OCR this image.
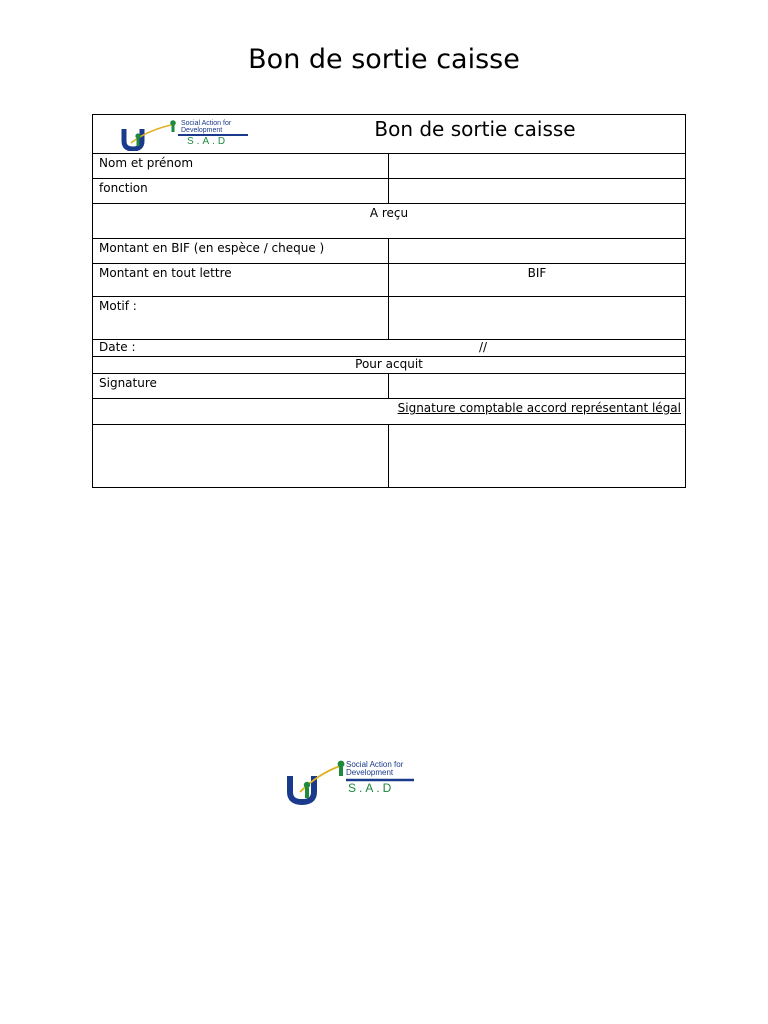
Bon de sortie caisse
Social Action for
Development
S.A.D
Bon de sortie caisse
Nom et prénom
fonction
A reçu
Montant en BIF (en espèce / cheque )
Montant en tout lettre	BIF
Motif :
Date :	//
Pour acquit
Signature
Signature comptable accord représentant légal
Social Action for
Development
S.A.D
